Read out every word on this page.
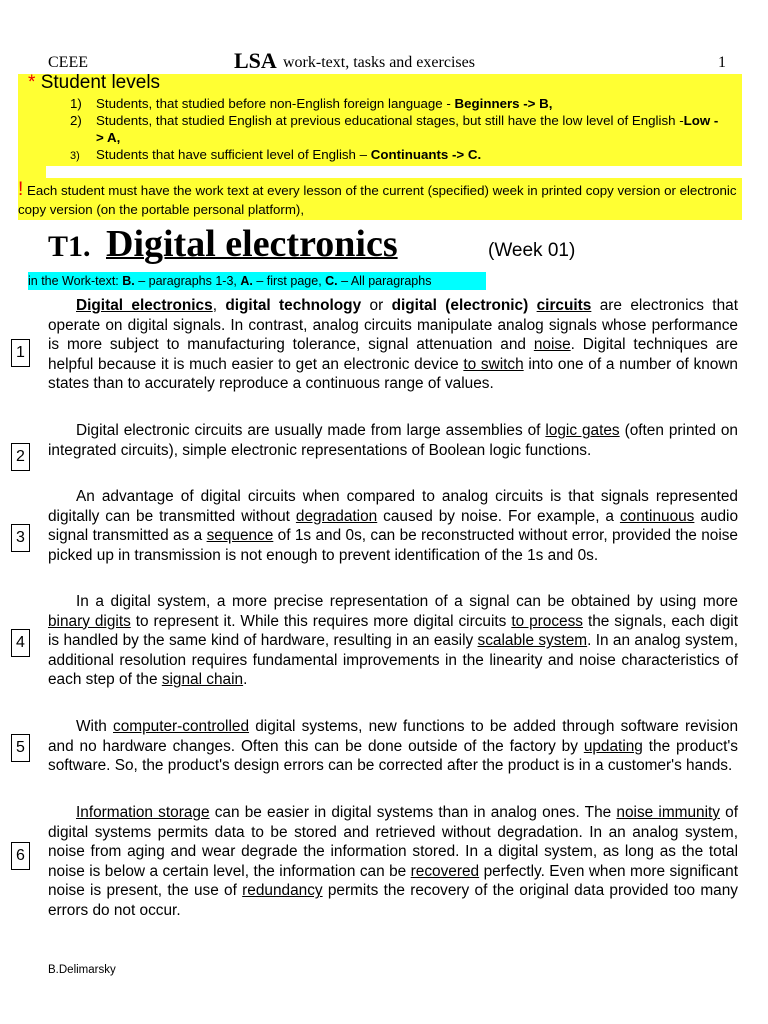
CEEE	LSA work-text, tasks and exercises	1
* Student levels
1) Students, that studied before non-English foreign language - Beginners -> B,
2) Students, that studied English at previous educational stages, but still have the low level of English -Low -> A,
3) Students that have sufficient level of English – Continuants -> C.
! Each student must have the work text at every lesson of the current (specified) week in printed copy version or electronic copy version (on the portable personal platform),
T1. Digital electronics	(Week 01)
in the Work-text: B. – paragraphs 1-3, A. – first page, C. – All paragraphs
Digital electronics, digital technology or digital (electronic) circuits are electronics that operate on digital signals. In contrast, analog circuits manipulate analog signals whose performance is more subject to manufacturing tolerance, signal attenuation and noise. Digital techniques are helpful because it is much easier to get an electronic device to switch into one of a number of known states than to accurately reproduce a continuous range of values.
1
Digital electronic circuits are usually made from large assemblies of logic gates (often printed on integrated circuits), simple electronic representations of Boolean logic functions.
2
An advantage of digital circuits when compared to analog circuits is that signals represented digitally can be transmitted without degradation caused by noise. For example, a continuous audio signal transmitted as a sequence of 1s and 0s, can be reconstructed without error, provided the noise picked up in transmission is not enough to prevent identification of the 1s and 0s.
3
In a digital system, a more precise representation of a signal can be obtained by using more binary digits to represent it. While this requires more digital circuits to process the signals, each digit is handled by the same kind of hardware, resulting in an easily scalable system. In an analog system, additional resolution requires fundamental improvements in the linearity and noise characteristics of each step of the signal chain.
4
With computer-controlled digital systems, new functions to be added through software revision and no hardware changes. Often this can be done outside of the factory by updating the product's software. So, the product's design errors can be corrected after the product is in a customer's hands.
5
Information storage can be easier in digital systems than in analog ones. The noise immunity of digital systems permits data to be stored and retrieved without degradation. In an analog system, noise from aging and wear degrade the information stored. In a digital system, as long as the total noise is below a certain level, the information can be recovered perfectly. Even when more significant noise is present, the use of redundancy permits the recovery of the original data provided too many errors do not occur.
6
B.Delimarsky
